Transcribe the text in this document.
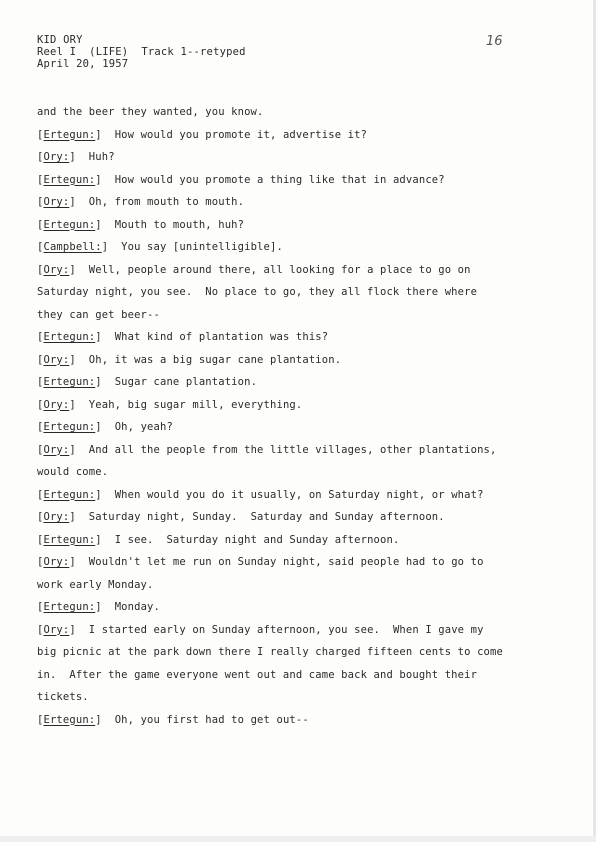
KID ORY
Reel I  (LIFE)  Track 1--retyped
April 20, 1957
16
and the beer they wanted, you know.
[Ertegun:]  How would you promote it, advertise it?
[Ory:]  Huh?
[Ertegun:]  How would you promote a thing like that in advance?
[Ory:]  Oh, from mouth to mouth.
[Ertegun:]  Mouth to mouth, huh?
[Campbell:]  You say [unintelligible].
[Ory:]  Well, people around there, all looking for a place to go on
Saturday night, you see.  No place to go, they all flock there where
they can get beer--
[Ertegun:]  What kind of plantation was this?
[Ory:]  Oh, it was a big sugar cane plantation.
[Ertegun:]  Sugar cane plantation.
[Ory:]  Yeah, big sugar mill, everything.
[Ertegun:]  Oh, yeah?
[Ory:]  And all the people from the little villages, other plantations,
would come.
[Ertegun:]  When would you do it usually, on Saturday night, or what?
[Ory:]  Saturday night, Sunday.  Saturday and Sunday afternoon.
[Ertegun:]  I see.  Saturday night and Sunday afternoon.
[Ory:]  Wouldn't let me run on Sunday night, said people had to go to
work early Monday.
[Ertegun:]  Monday.
[Ory:]  I started early on Sunday afternoon, you see.  When I gave my
big picnic at the park down there I really charged fifteen cents to come
in.  After the game everyone went out and came back and bought their
tickets.
[Ertegun:]  Oh, you first had to get out--
